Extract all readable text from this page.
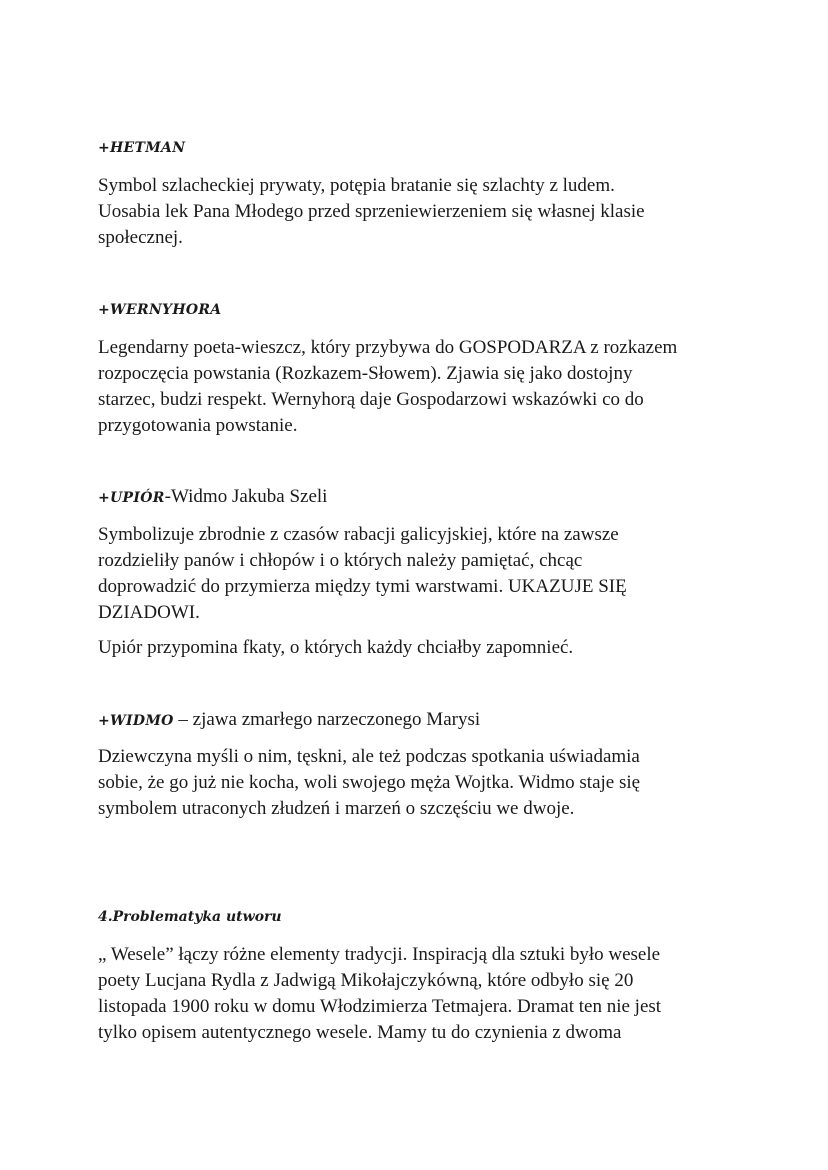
+HETMAN
Symbol szlacheckiej prywaty, potępia bratanie się szlachty z ludem.
Uosabia lek Pana Młodego przed sprzeniewierzeniem się własnej klasie
społecznej.
+WERNYHORA
Legendarny poeta-wieszcz, który przybywa do GOSPODARZA z rozkazem
rozpoczęcia powstania (Rozkazem-Słowem). Zjawia się jako dostojny
starzec, budzi respekt. Wernyhorą daje Gospodarzowi wskazówki co do
przygotowania powstanie.
+UPIÓR-Widmo Jakuba Szeli
Symbolizuje zbrodnie z czasów rabacji galicyjskiej, które na zawsze
rozdzieliły panów i chłopów i o których należy pamiętać, chcąc
doprowadzić do przymierza między tymi warstwami. UKAZUJE SIĘ
DZIADOWI.
Upiór przypomina fkaty, o których każdy chciałby zapomnieć.
+WIDMO – zjawa zmarłego narzeczonego Marysi
Dziewczyna myśli o nim, tęskni, ale też podczas spotkania uświadamia
sobie, że go już nie kocha, woli swojego męża Wojtka. Widmo staje się
symbolem utraconych złudzeń i marzeń o szczęściu we dwoje.
4.Problematyka utworu
„ Wesele” łączy różne elementy tradycji. Inspiracją dla sztuki było wesele
poety Lucjana Rydla z Jadwigą Mikołajczykówną, które odbyło się 20
listopada 1900 roku w domu Włodzimierza Tetmajera. Dramat ten nie jest
tylko opisem autentycznego wesele. Mamy tu do czynienia z dwoma
